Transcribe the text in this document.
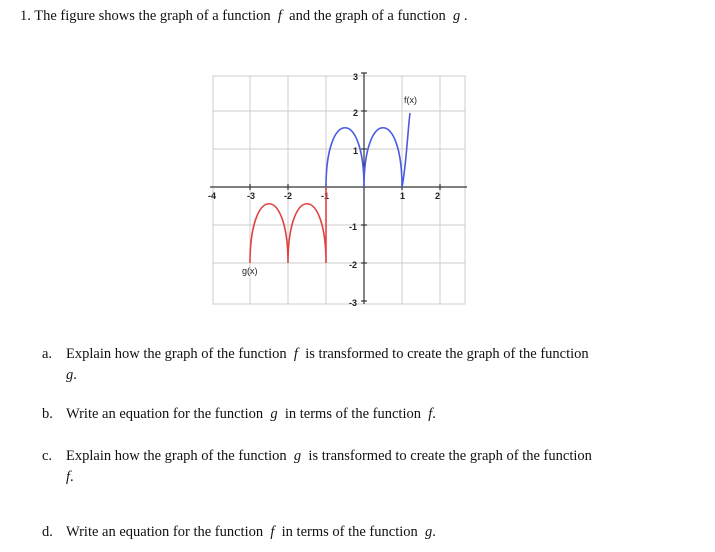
1. The figure shows the graph of a function f and the graph of a function g .
-4	-3	-2	-1	1	2
3
2
1
-1
-2
-3
f(x)
g(x)
a. Explain how the graph of the function f is transformed to create the graph of the function  g.
b. Write an equation for the function g in terms of the function f.
c. Explain how the graph of the function g is transformed to create the graph of the function  f.
d. Write an equation for the function f in terms of the function g.
